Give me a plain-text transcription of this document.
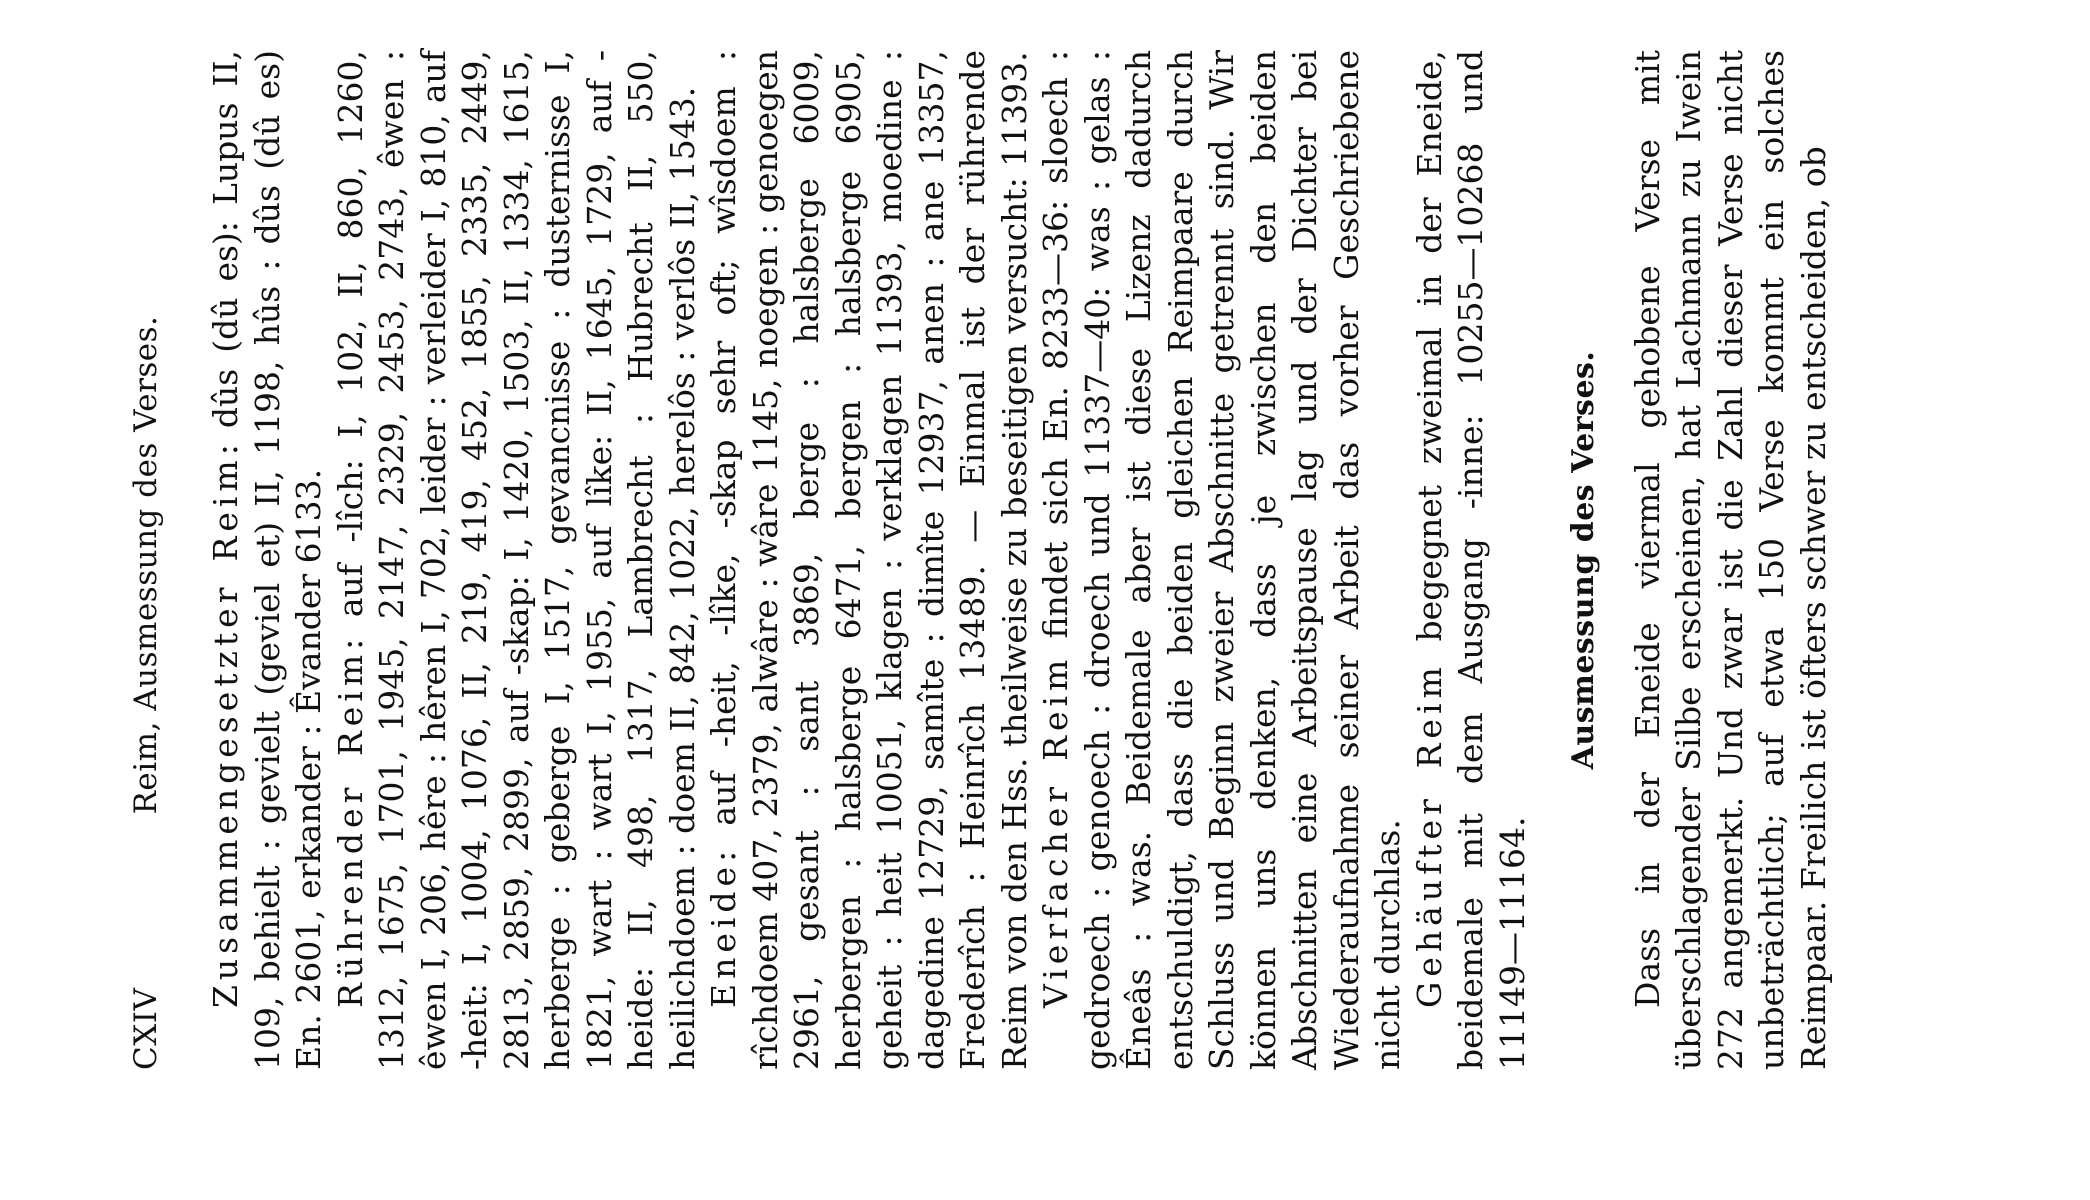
CXIV
Reim, Ausmessung des Verses. Zusammengesetzter Reim: dûs (dû es): Lupus II, 109, behielt : gevielt (geviel et) II, 1198, hûs : dûs (dû es) En. 2601, erkander : Êvander 6133. Rührender Reim: auf -lîch: I, 102, II, 860, 1260, 1312, 1675, 1701, 1945, 2147, 2329, 2453, 2743, êwen : êwen I, 206, hêre : hêren I, 702, leider : verleider I, 810, auf -heit: I, 1004, 1076, II, 219, 419, 452, 1855, 2335, 2449, 2813, 2859, 2899, auf -skap: I, 1420, 1503, II, 1334, 1615, herberge : geberge I, 1517, gevancnisse : dusternisse I, 1821, wart : wart I, 1955, auf lîke: II, 1645, 1729, auf -heide: II, 498, 1317, Lambrecht : Hubrecht II, 550, heilichdoem : doem II, 842, 1022, herelôs : verlôs II, 1543. Eneide: auf -heit, -lîke, -skap sehr oft; wîsdoem : rîchdoem 407, 2379, alwâre : wâre 1145, noegen : genoegen 2961, gesant : sant 3869, berge : halsberge 6009, herbergen : halsberge 6471, bergen : halsberge 6905, geheit : heit 10051, klagen : verklagen 11393, moedine : dagedine 12729, samîte : dimîte 12937, anen : ane 13357, Frederîch : Heinrîch 13489. — Einmal ist der rührende Reim von den Hss. theilweise zu beseitigen versucht: 11393. Vierfacher Reim findet sich En. 8233—36: sloech : gedroech : genoech : droech und 11337—40: was : gelas : Êneâs : was. Beidemale aber ist diese Lizenz dadurch entschuldigt, dass die beiden gleichen Reimpaare durch Schluss und Beginn zweier Abschnitte getrennt sind. Wir können uns denken, dass je zwischen den beiden Abschnitten eine Arbeitspause lag und der Dichter bei Wiederaufnahme seiner Arbeit das vorher Geschriebene nicht durchlas. Gehäufter Reim begegnet zweimal in der Eneide, beidemale mit dem Ausgang -inne: 10255—10268 und 11149—11164.

Ausmessung des Verses. Dass in der Eneide viermal gehobene Verse mit überschlagender Silbe erscheinen, hat Lachmann zu Iwein 272 angemerkt. Und zwar ist die Zahl dieser Verse nicht unbeträchtlich; auf etwa 150 Verse kommt ein solches Reimpaar. Freilich ist öfters schwer zu entscheiden, ob
